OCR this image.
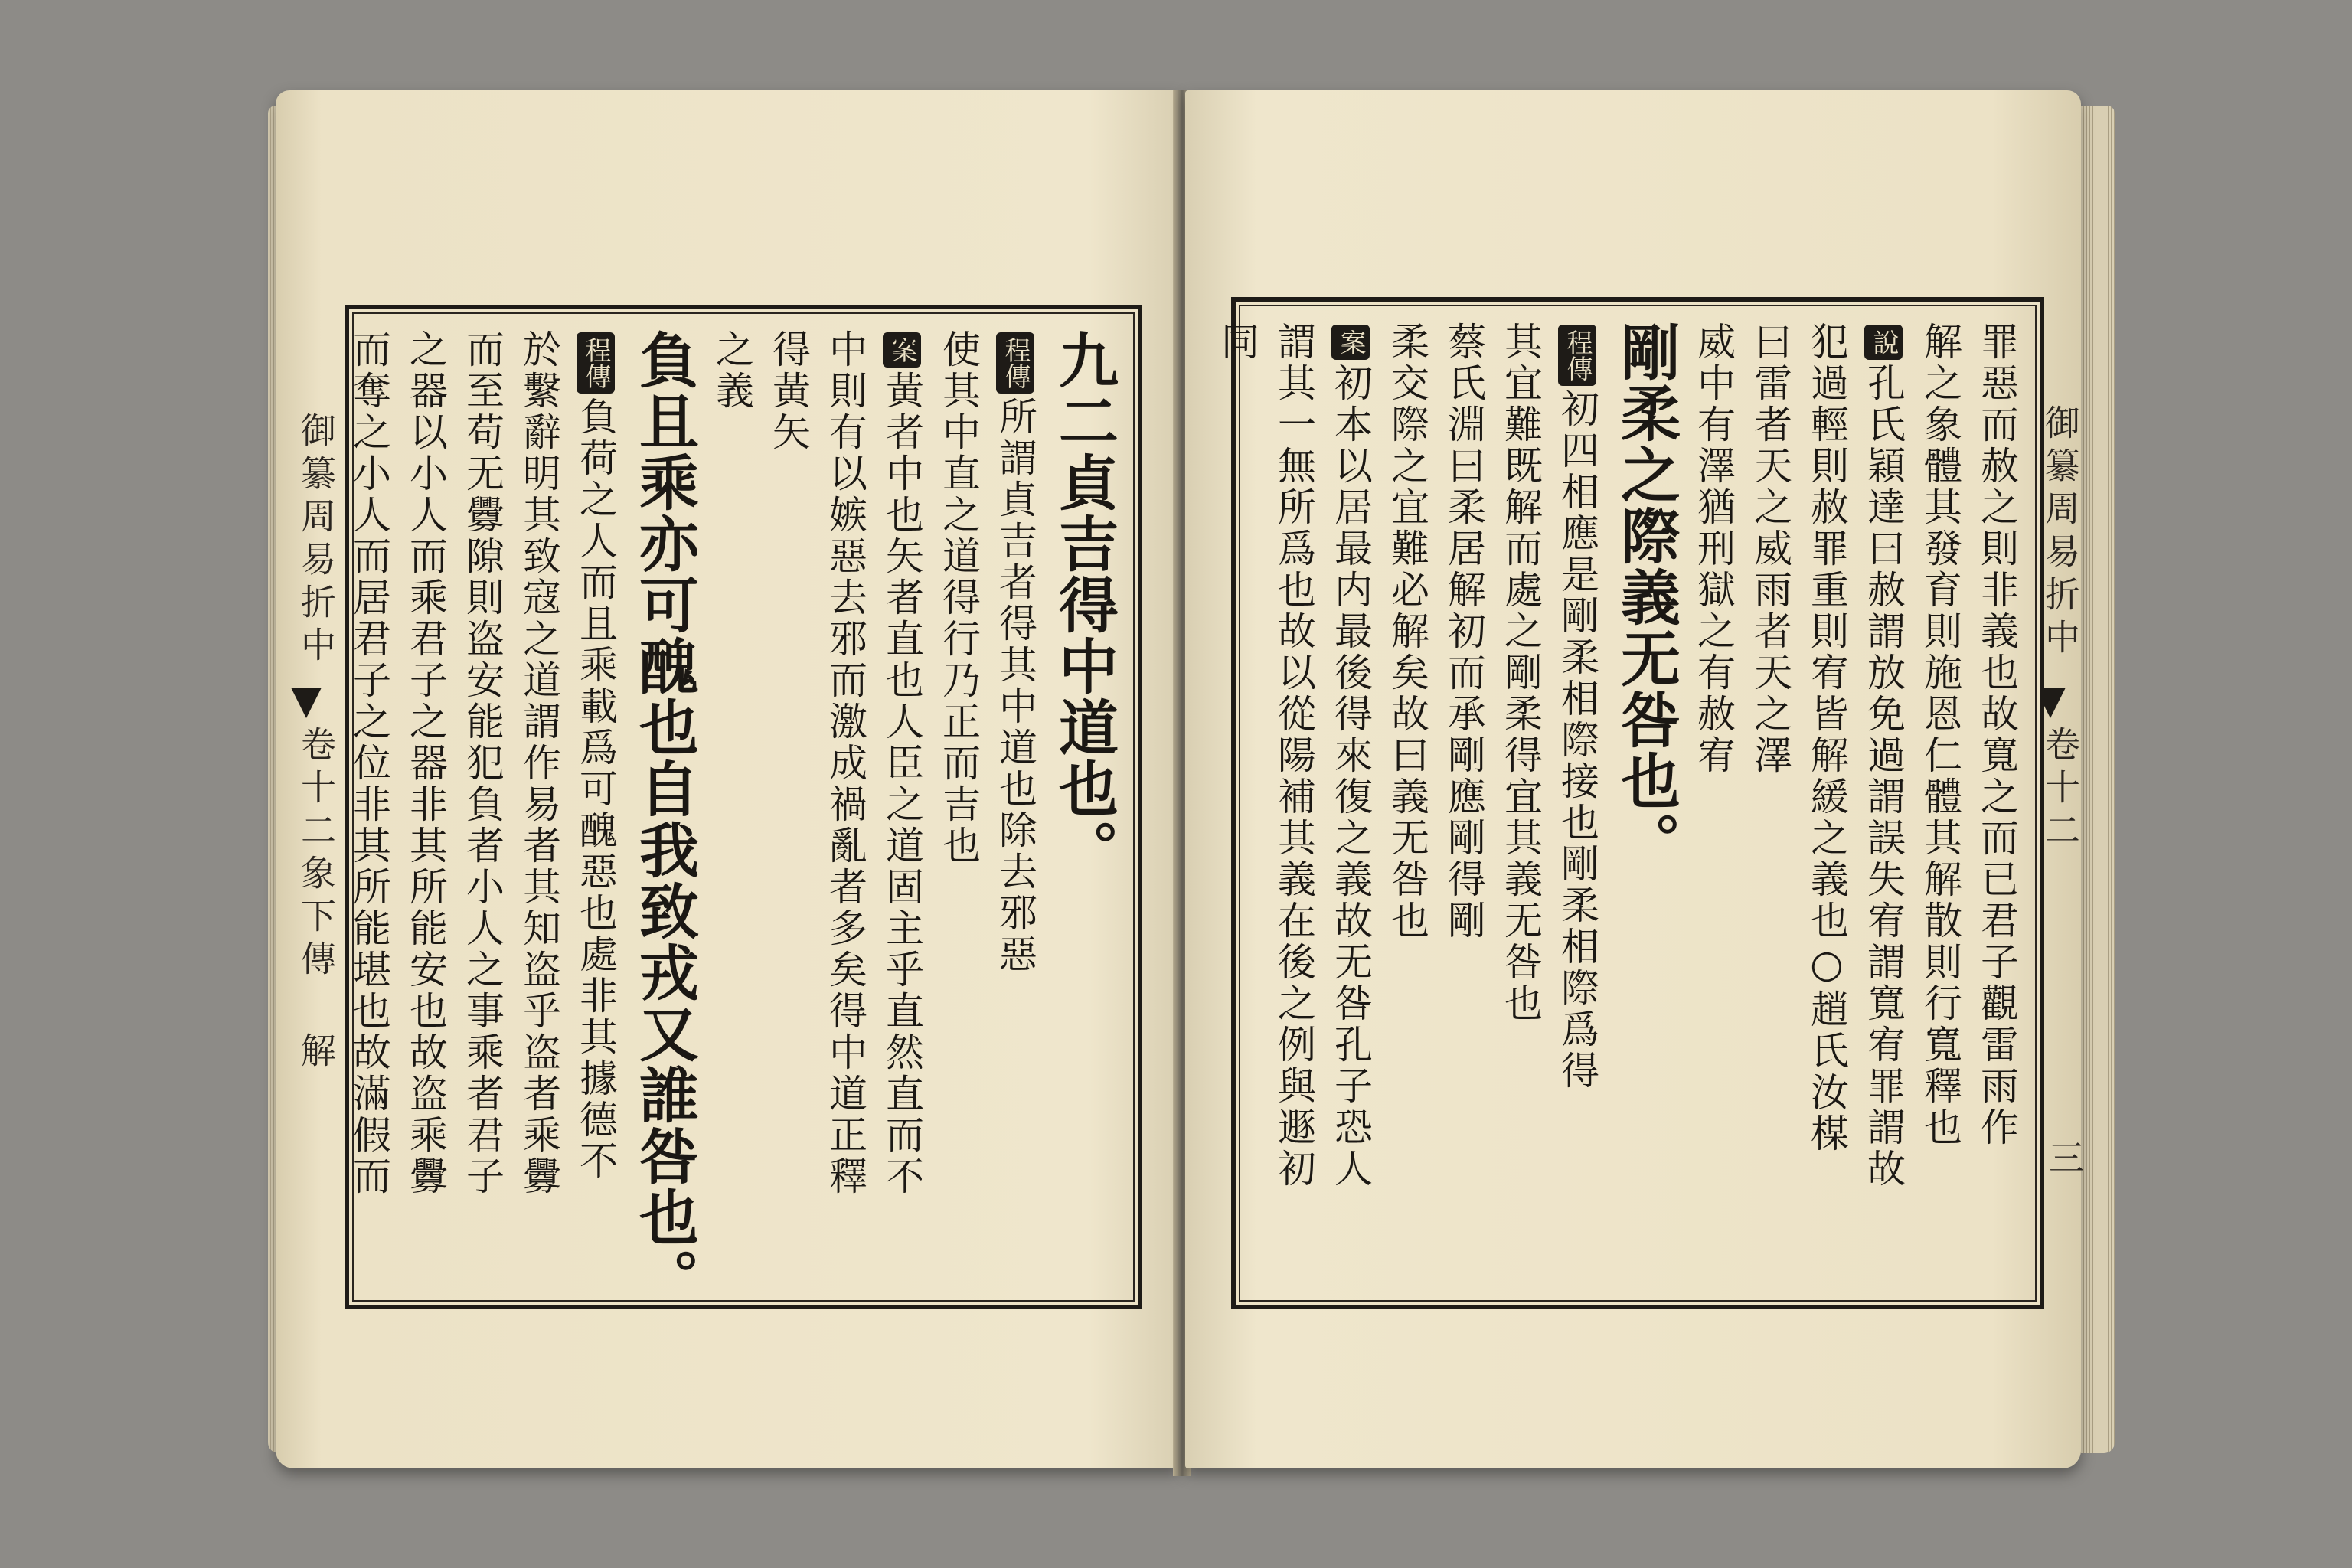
御纂周易折中
卷十二象下傳 解
九二貞吉得中道也。
程傳所謂貞吉者得其中道也除去邪惡
使其中直之道得行乃正而吉也
案黃者中也矢者直也人臣之道固主乎直然直而不
中則有以嫉惡去邪而激成禍亂者多矣得中道正釋
得黃矢
之義
負且乘亦可醜也自我致戎又誰咎也。
程傳負荷之人而且乘載爲可醜惡也處非其據德不
於繫辭明其致寇之道謂作易者其知盗乎盗者乘釁
而至苟无釁隙則盗安能犯負者小人之事乘者君子
之器以小人而乘君子之器非其所能安也故盗乘釁
而奪之小人而居君子之位非其所能堪也故滿假而	御纂周易折中
卷十二
三
罪惡而赦之則非義也故寬之而已君子觀雷雨作
解之象體其發育則施恩仁體其解散則行寬釋也
說孔氏穎達曰赦謂放免過謂誤失宥謂寬宥罪謂故
犯過輕則赦罪重則宥皆解緩之義也○趙氏汝楳
曰雷者天之威雨者天之澤
威中有澤猶刑獄之有赦宥
剛柔之際義无咎也。
程傳初四相應是剛柔相際接也剛柔相際爲得
其宜難既解而處之剛柔得宜其義无咎也
蔡氏淵曰柔居解初而承剛應剛得剛
柔交際之宜難必解矣故曰義无咎也
案初本以居最内最後得來復之義故无咎孔子恐人
謂其一無所爲也故以從陽補其義在後之例與遯初
同
